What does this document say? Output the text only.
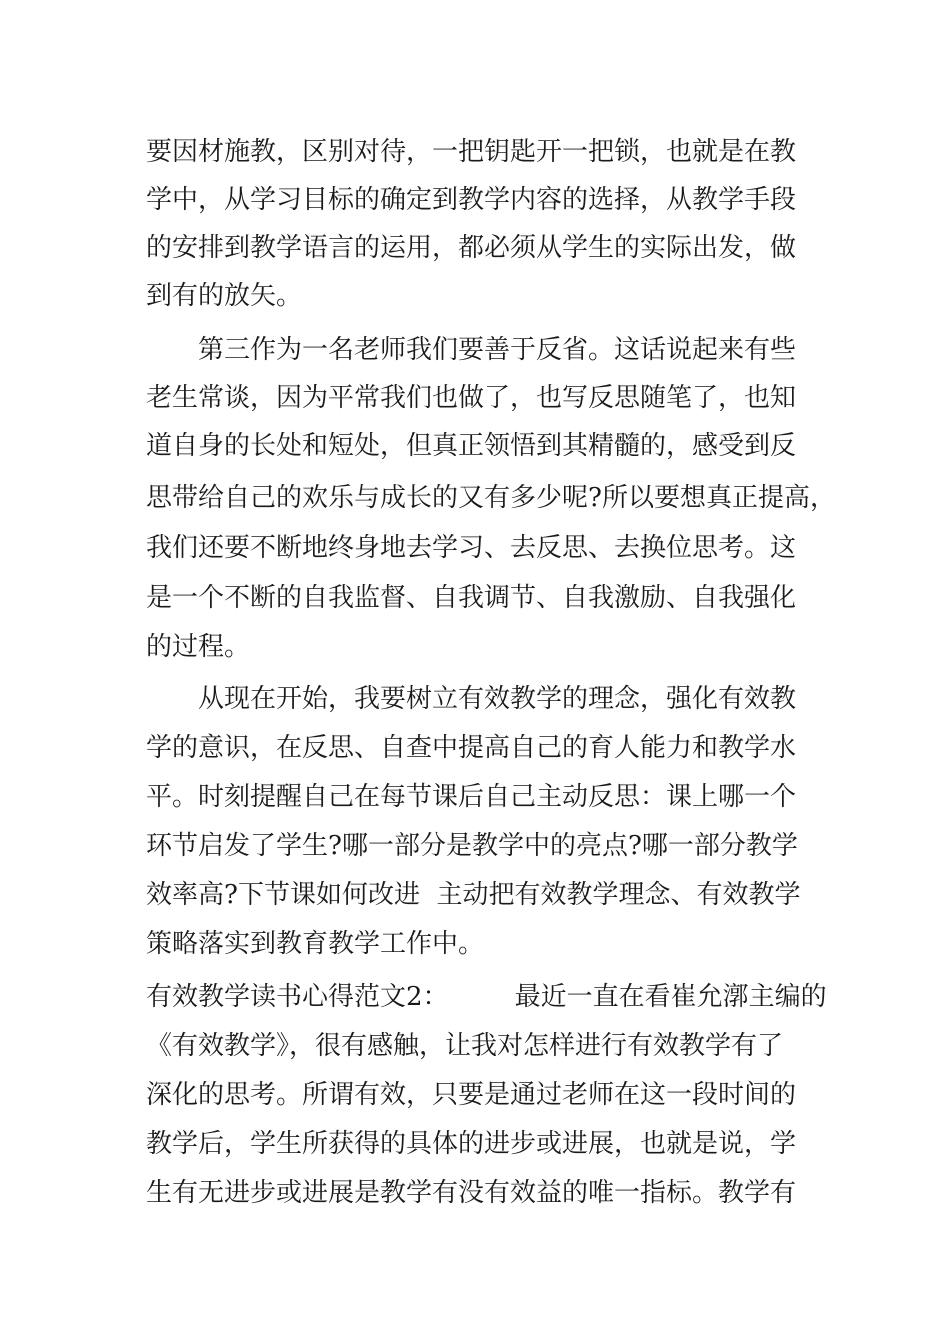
要因材施教，区别对待，一把钥匙开一把锁，也就是在教
学中，从学习目标的确定到教学内容的选择，从教学手段
的安排到教学语言的运用，都必须从学生的实际出发，做
到有的放矢。
第三作为一名老师我们要善于反省。这话说起来有些
老生常谈，因为平常我们也做了，也写反思随笔了，也知
道自身的长处和短处，但真正领悟到其精髓的，感受到反
思带给自己的欢乐与成长的又有多少呢?所以要想真正提高，
我们还要不断地终身地去学习、去反思、去换位思考。这
是一个不断的自我监督、自我调节、自我激励、自我强化
的过程。
从现在开始，我要树立有效教学的理念，强化有效教
学的意识，在反思、自查中提高自己的育人能力和教学水
平。时刻提醒自己在每节课后自己主动反思：课上哪一个
环节启发了学生?哪一部分是教学中的亮点?哪一部分教学
效率高?下节课如何改进  主动把有效教学理念、有效教学
策略落实到教育教学工作中。
有效教学读书心得范文2：        最近一直在看崔允漷主编的
《有效教学》，很有感触，让我对怎样进行有效教学有了
深化的思考。所谓有效，只要是通过老师在这一段时间的
教学后，学生所获得的具体的进步或进展，也就是说，学
生有无进步或进展是教学有没有效益的唯一指标。教学有
